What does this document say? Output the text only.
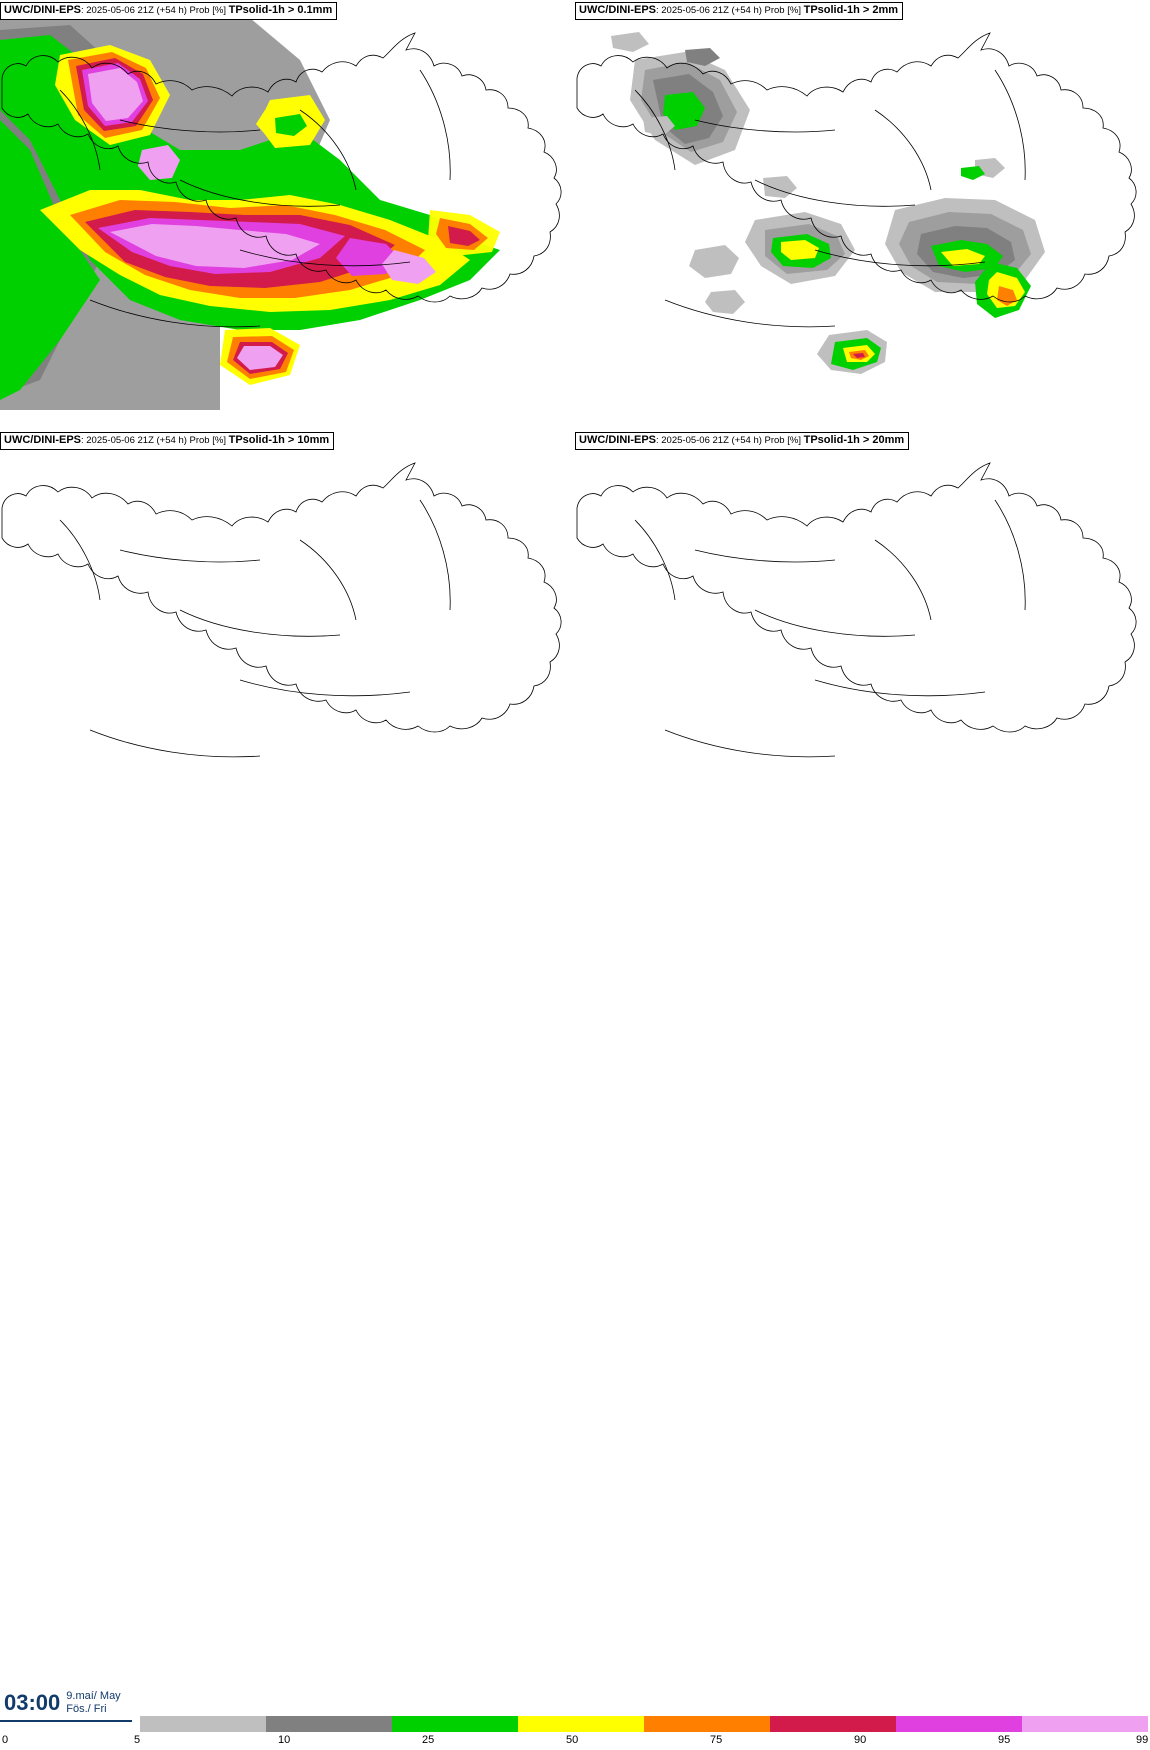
UWC/DINI-EPS: 2025-05-06 21Z (+54 h) Prob [%] TPsolid-1h > 0.1mm	UWC/DINI-EPS: 2025-05-06 21Z (+54 h) Prob [%] TPsolid-1h > 2mm
UWC/DINI-EPS: 2025-05-06 21Z (+54 h) Prob [%] TPsolid-1h > 10mm	UWC/DINI-EPS: 2025-05-06 21Z (+54 h) Prob [%] TPsolid-1h > 20mm
03:00 9.maí/ May
Fös./ Fri
0	5	10	25	50	75	90	95	99
